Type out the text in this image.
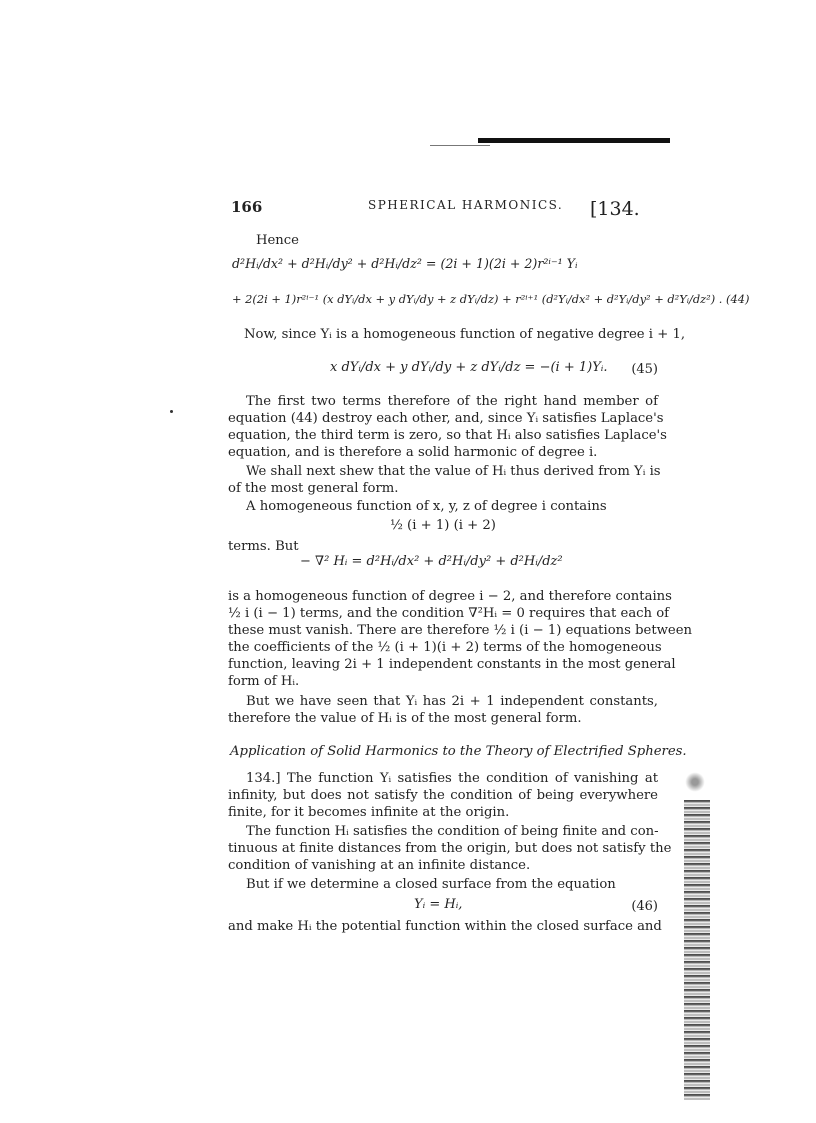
166	SPHERICAL HARMONICS. [134.
Hence
d²Hᵢ/dx² + d²Hᵢ/dy² + d²Hᵢ/dz² = (2i + 1)(2i + 2)r²ⁱ⁻¹ Yᵢ
+ 2(2i + 1)r²ⁱ⁻¹ (x dYᵢ/dx + y dYᵢ/dy + z dYᵢ/dz) + r²ⁱ⁺¹ (d²Yᵢ/dx² + d²Yᵢ/dy² + d²Yᵢ/dz²) . (44)
Now, since Yᵢ is a homogeneous function of negative degree i + 1,
x dYᵢ/dx + y dYᵢ/dy + z dYᵢ/dz = −(i + 1)Yᵢ. (45)
The first two terms therefore of the right hand member of
equation (44) destroy each other, and, since Yᵢ satisfies Laplace's
equation, the third term is zero, so that Hᵢ also satisfies Laplace's
equation, and is therefore a solid harmonic of degree i.
We shall next shew that the value of Hᵢ thus derived from Yᵢ is
of the most general form.
A homogeneous function of x, y, z of degree i contains
½ (i + 1) (i + 2)
terms. But
− ∇² Hᵢ = d²Hᵢ/dx² + d²Hᵢ/dy² + d²Hᵢ/dz²
is a homogeneous function of degree i − 2, and therefore contains
½ i (i − 1) terms, and the condition ∇²Hᵢ = 0 requires that each of
these must vanish. There are therefore ½ i (i − 1) equations between
the coefficients of the ½ (i + 1)(i + 2) terms of the homogeneous
function, leaving 2i + 1 independent constants in the most general
form of Hᵢ.
But we have seen that Yᵢ has 2i + 1 independent constants,
therefore the value of Hᵢ is of the most general form.
Application of Solid Harmonics to the Theory of Electrified Spheres.
134.] The function Yᵢ satisfies the condition of vanishing at
infinity, but does not satisfy the condition of being everywhere
finite, for it becomes infinite at the origin.
The function Hᵢ satisfies the condition of being finite and con-
tinuous at finite distances from the origin, but does not satisfy the
condition of vanishing at an infinite distance.
But if we determine a closed surface from the equation
Yᵢ = Hᵢ,	(46)
and make Hᵢ the potential function within the closed surface and
